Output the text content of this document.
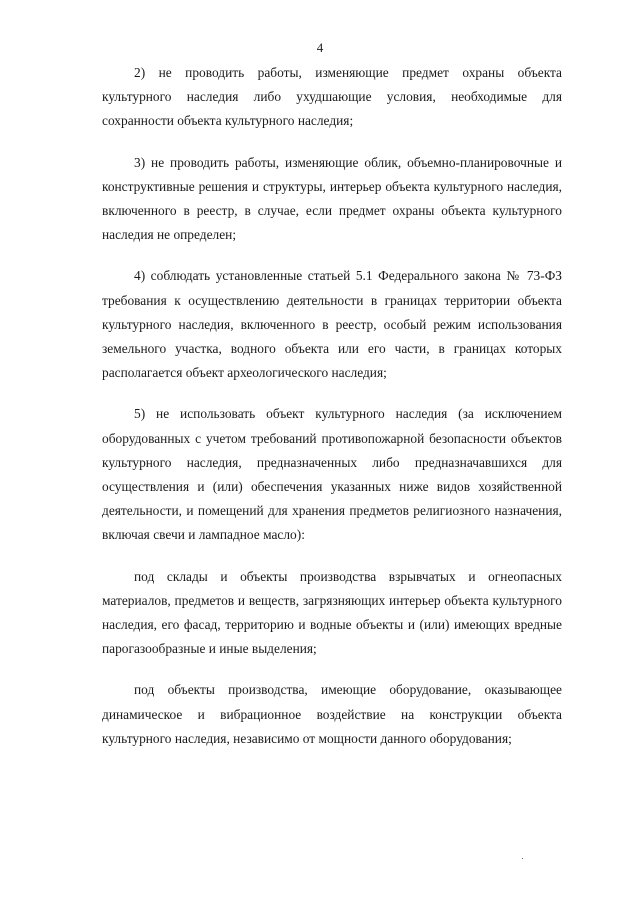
4

2) не проводить работы, изменяющие предмет охраны объекта культурного наследия либо ухудшающие условия, необходимые для сохранности объекта культурного наследия;

3) не проводить работы, изменяющие облик, объемно-планировочные и конструктивные решения и структуры, интерьер объекта культурного наследия, включенного в реестр, в случае, если предмет охраны объекта культурного наследия не определен;

4) соблюдать установленные статьей 5.1 Федерального закона № 73-ФЗ требования к осуществлению деятельности в границах территории объекта культурного наследия, включенного в реестр, особый режим использования земельного участка, водного объекта или его части, в границах которых располагается объект археологического наследия;

5) не использовать объект культурного наследия (за исключением оборудованных с учетом требований противопожарной безопасности объектов культурного наследия, предназначенных либо предназначавшихся для осуществления и (или) обеспечения указанных ниже видов хозяйственной деятельности, и помещений для хранения предметов религиозного назначения, включая свечи и лампадное масло):

под склады и объекты производства взрывчатых и огнеопасных материалов, предметов и веществ, загрязняющих интерьер объекта культурного наследия, его фасад, территорию и водные объекты и (или) имеющих вредные парогазообразные и иные выделения;

под объекты производства, имеющие оборудование, оказывающее динамическое и вибрационное воздействие на конструкции объекта культурного наследия, независимо от мощности данного оборудования;
